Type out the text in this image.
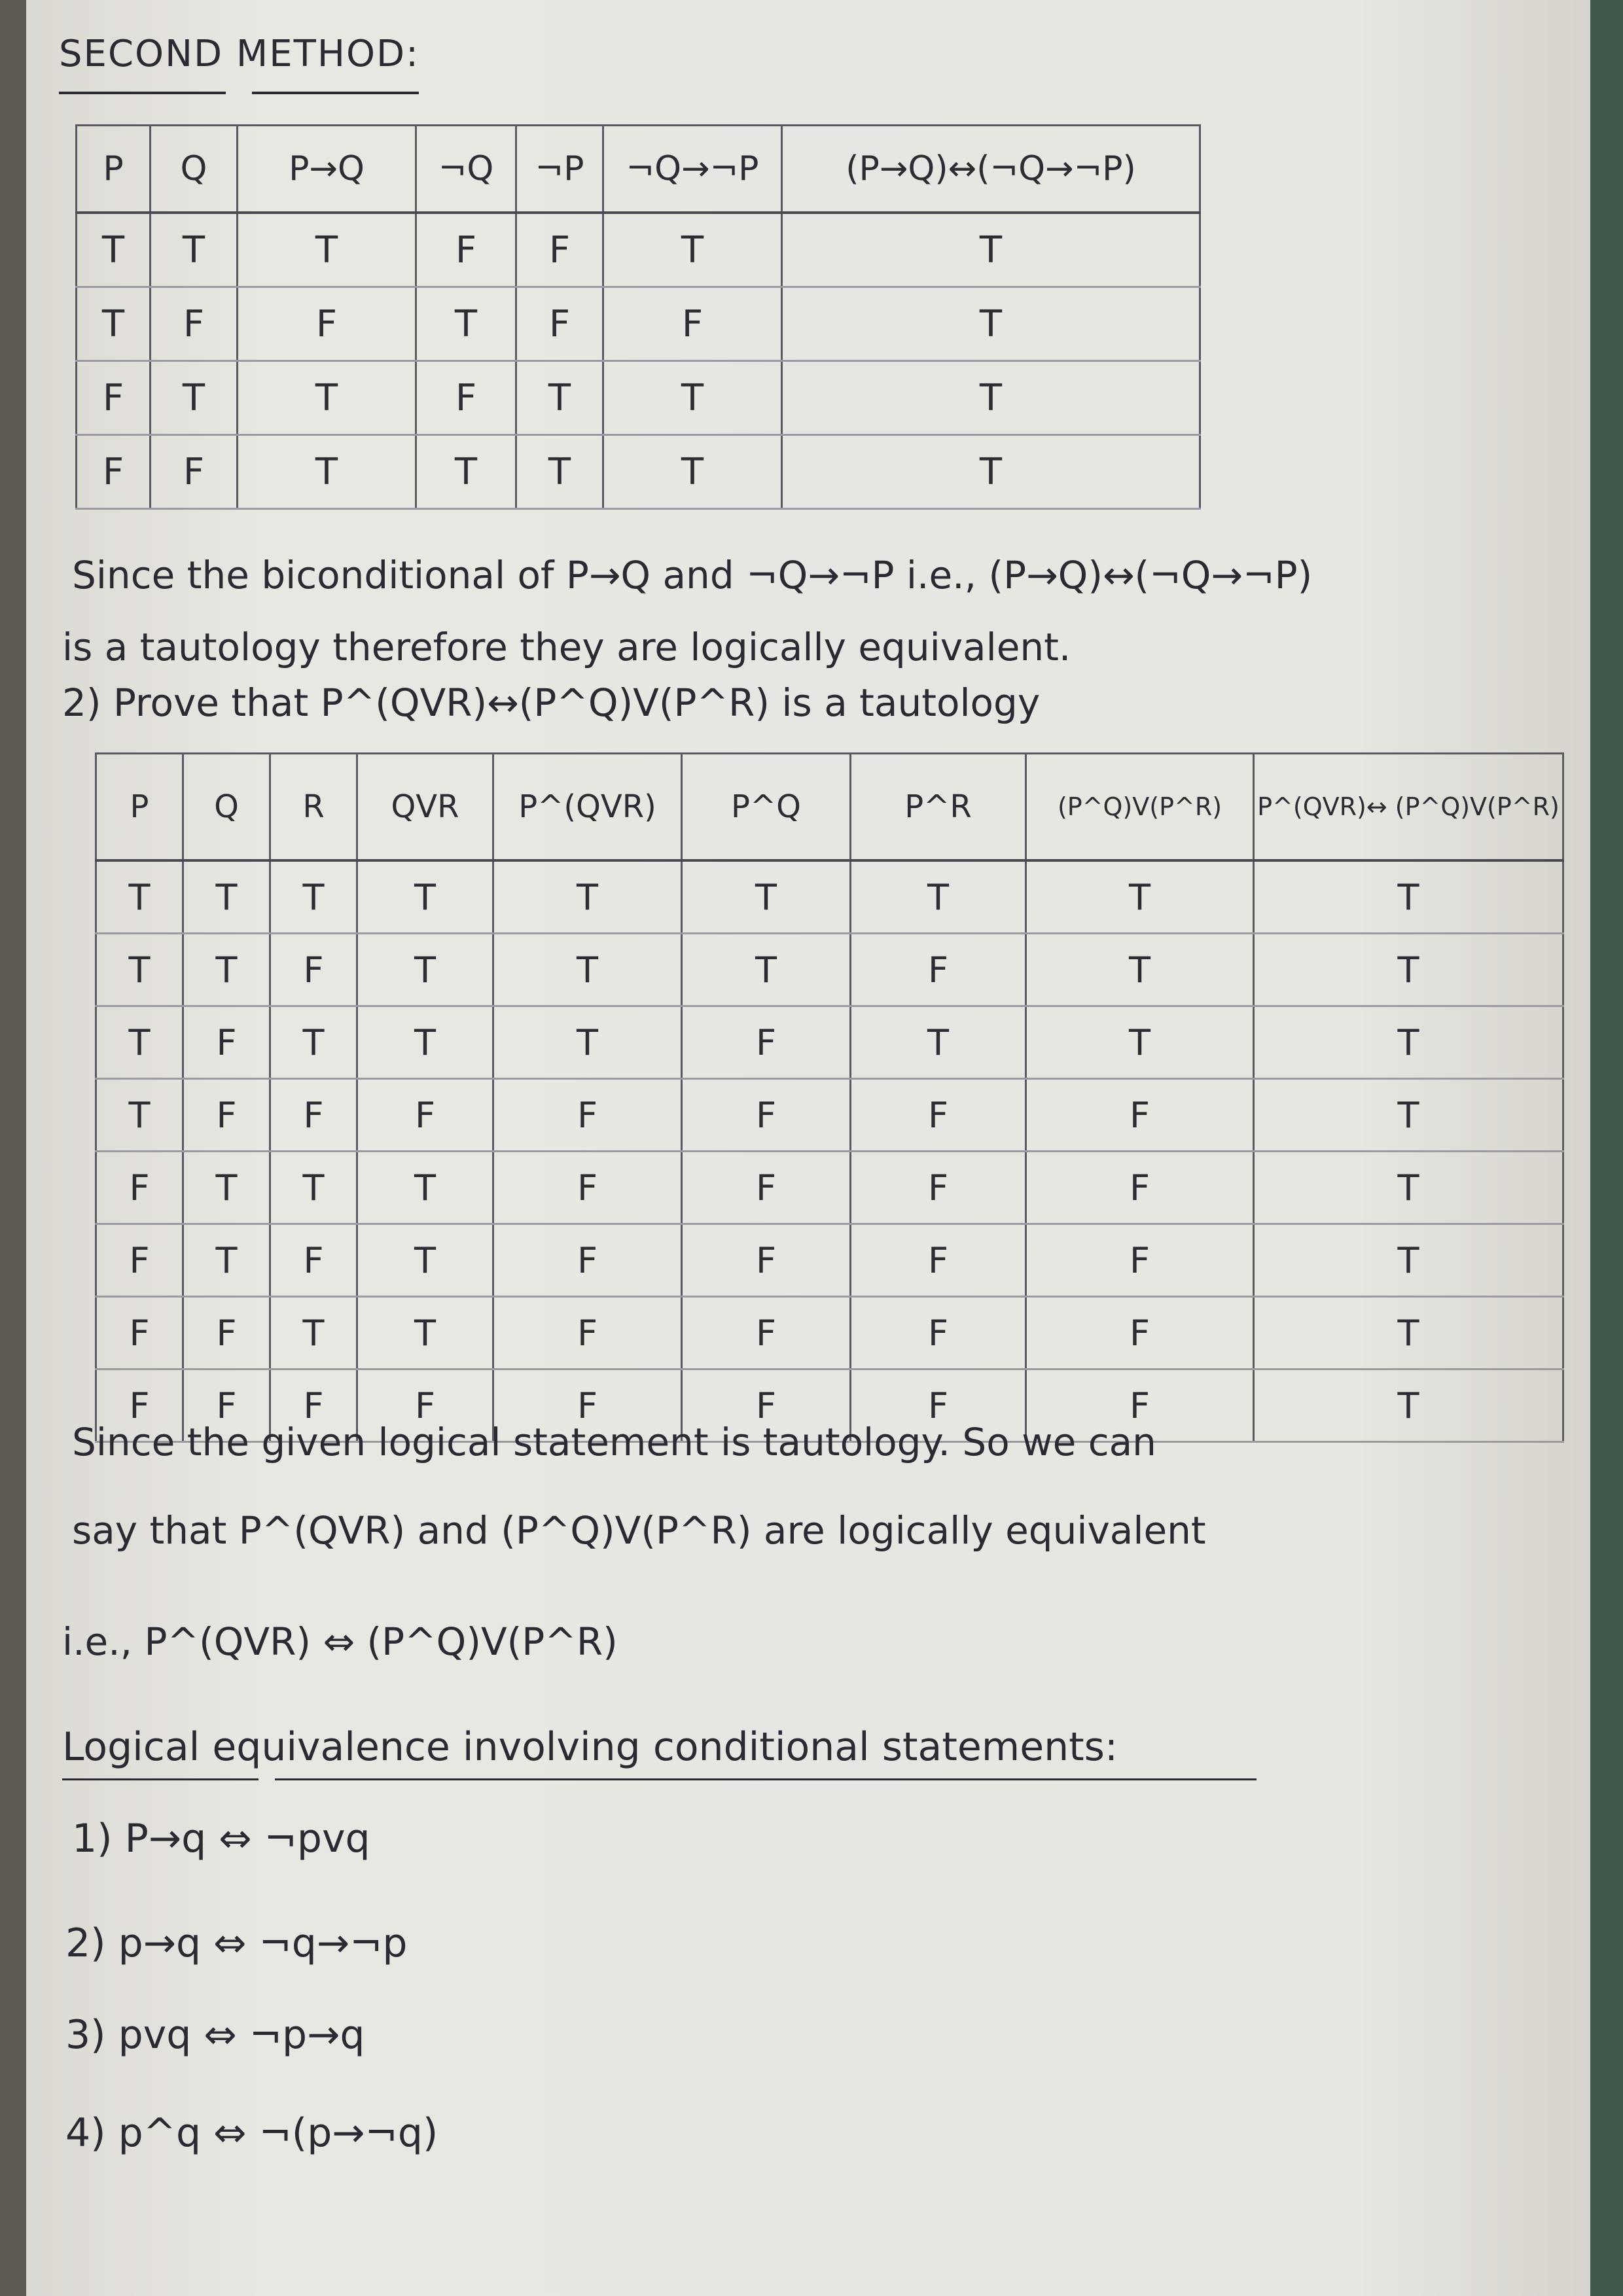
SECOND METHOD:
P	Q	P→Q	¬Q	¬P	¬Q→¬P	(P→Q)↔(¬Q→¬P)
T	T	T	F	F	T	T
T	F	F	T	F	F	T
F	T	T	F	T	T	T
F	F	T	T	T	T	T
Since the biconditional of P→Q and ¬Q→¬P i.e., (P→Q)↔(¬Q→¬P)
is a tautology therefore they are logically equivalent.
2) Prove that P^(QVR)↔(P^Q)V(P^R) is a tautology
P	Q	R	QVR	P^(QVR)	P^Q	P^R	(P^Q)V(P^R)	P^(QVR)↔ (P^Q)V(P^R)
T	T	T	T	T	T	T	T	T
T	T	F	T	T	T	F	T	T
T	F	T	T	T	F	T	T	T
T	F	F	F	F	F	F	F	T
F	T	T	T	F	F	F	F	T
F	T	F	T	F	F	F	F	T
F	F	T	T	F	F	F	F	T
F	F	F	F	F	F	F	F	T
Since the given logical statement is tautology. So we can
say that P^(QVR) and (P^Q)V(P^R) are logically equivalent
i.e., P^(QVR) ⇔ (P^Q)V(P^R)
Logical equivalence involving conditional statements:
1) P→q ⇔ ¬pvq
2) p→q ⇔ ¬q→¬p
3) pvq ⇔ ¬p→q
4) p^q ⇔ ¬(p→¬q)
